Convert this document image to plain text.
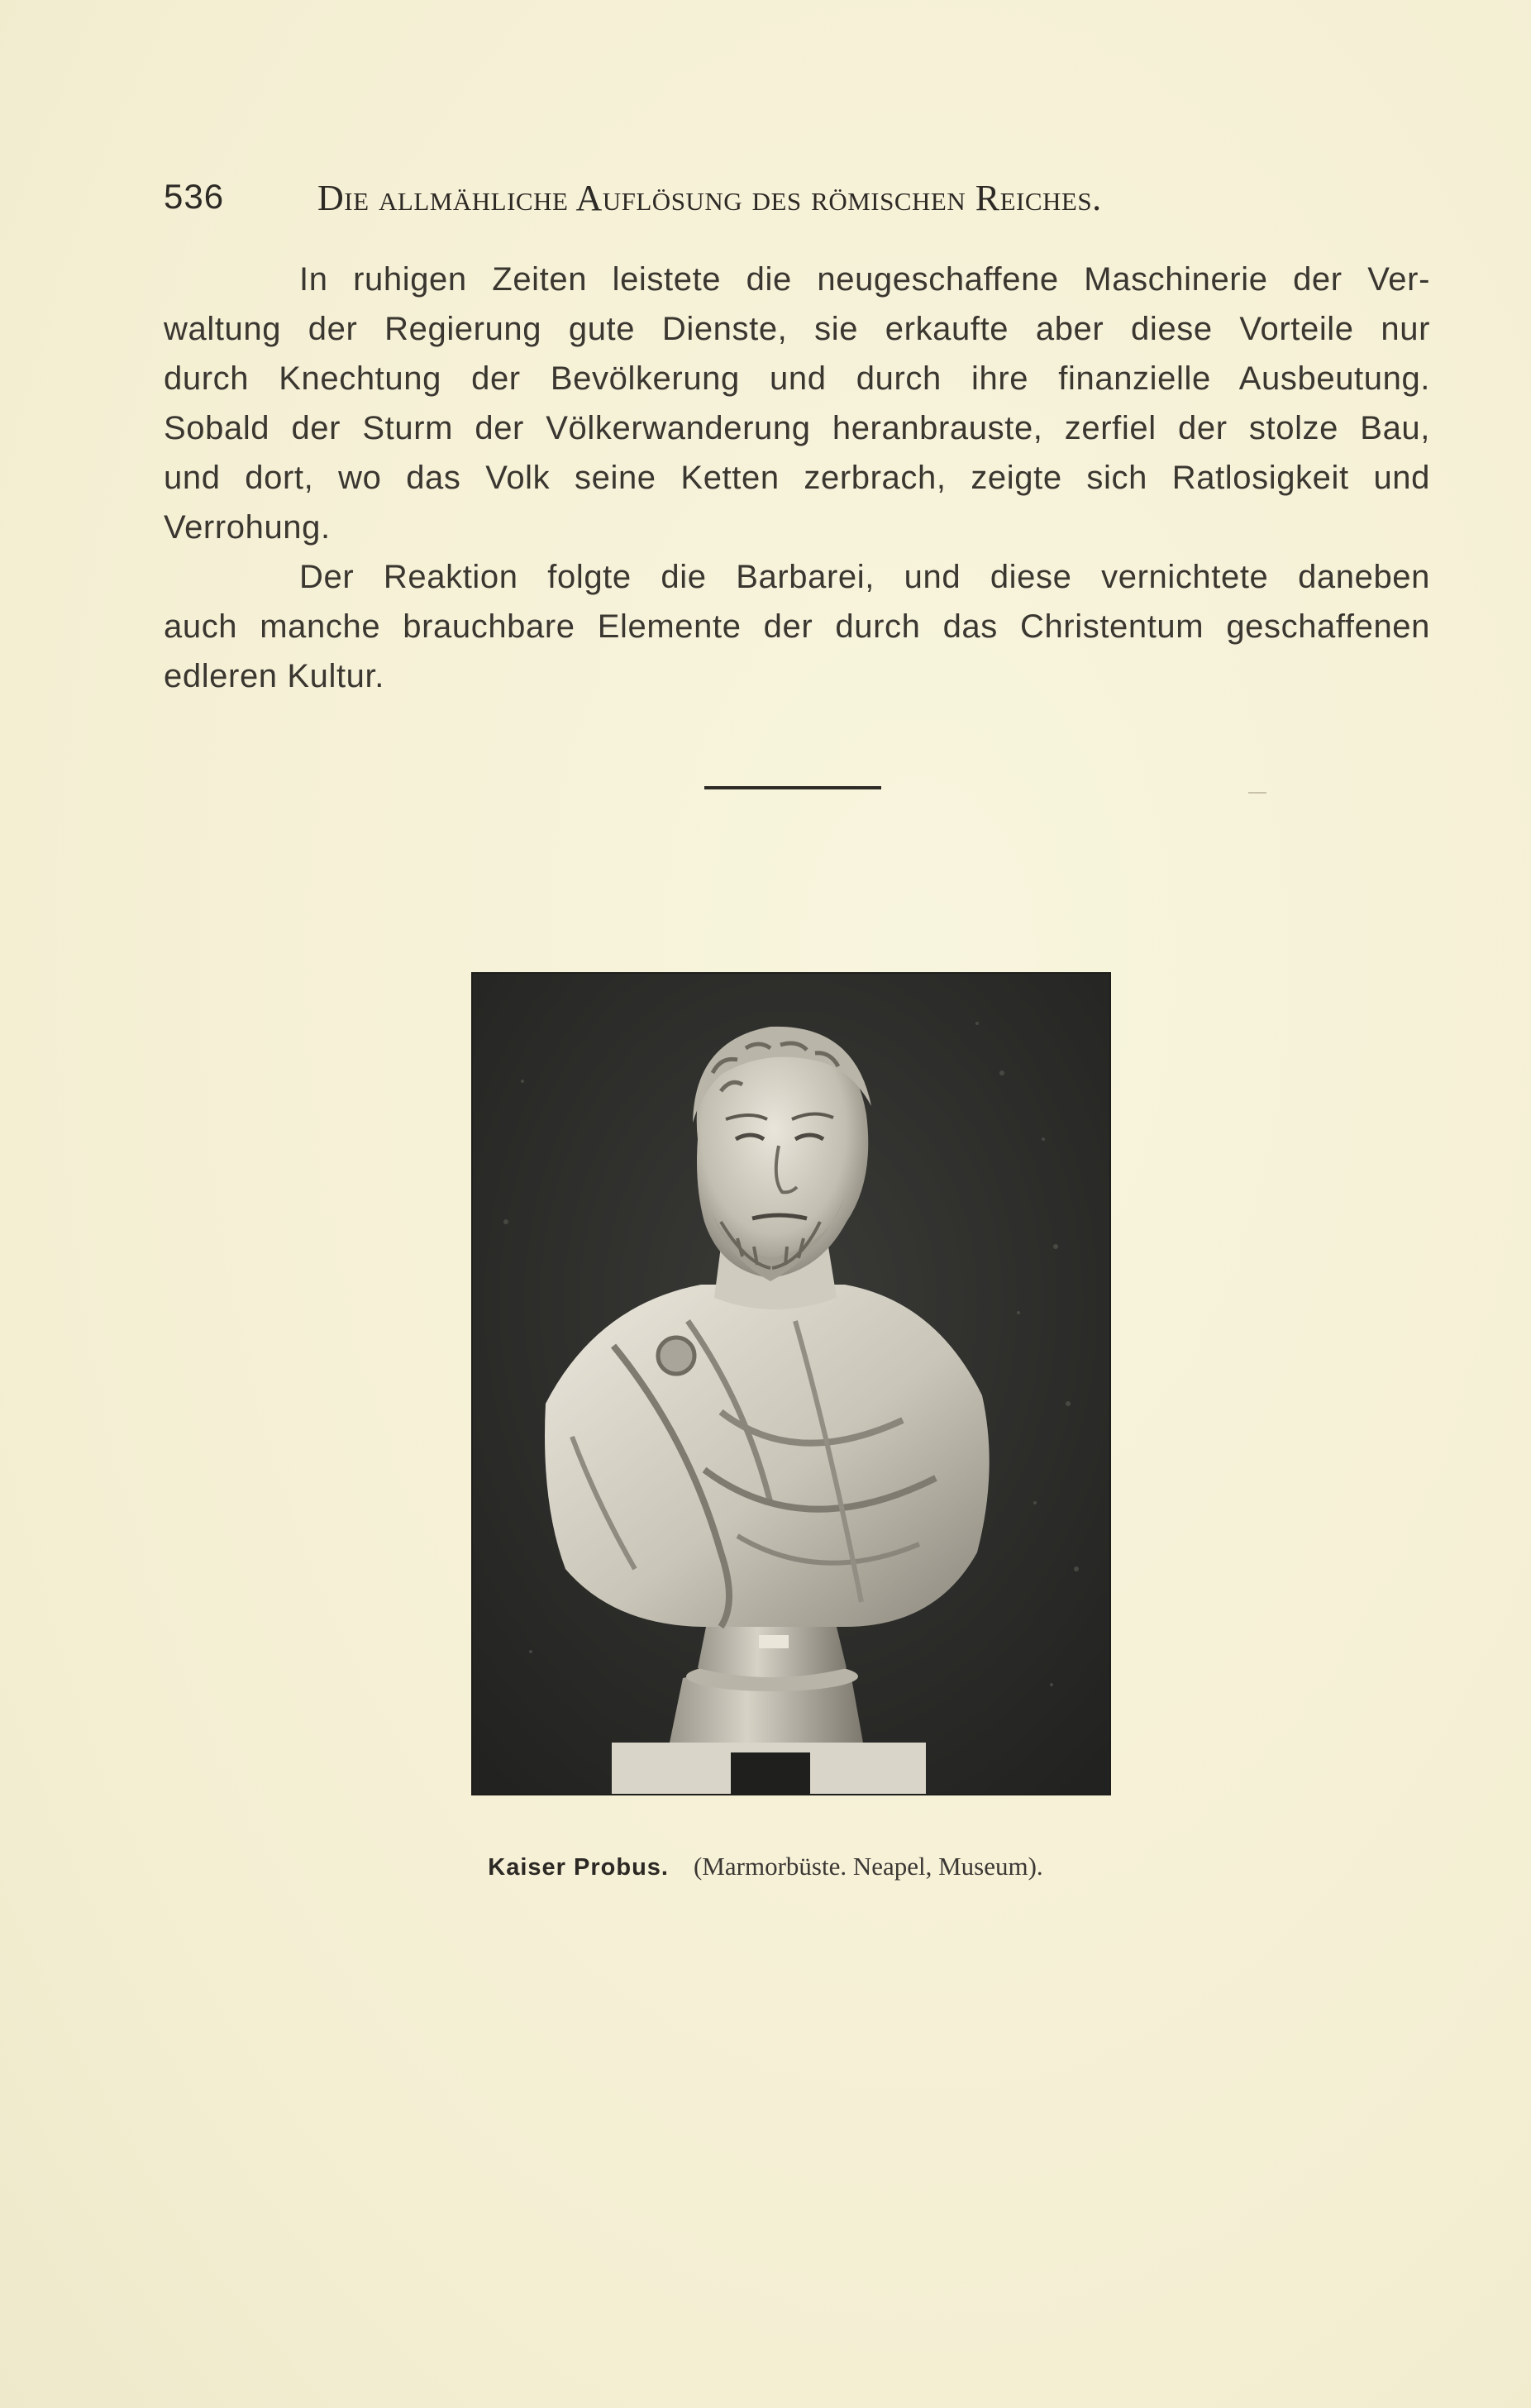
536	Die allmähliche Auflösung des römischen Reiches.
In ruhigen Zeiten leistete die neugeschaffene Maschinerie der Ver-
waltung der Regierung gute Dienste, sie erkaufte aber diese Vorteile nur
durch Knechtung der Bevölkerung und durch ihre finanzielle Ausbeutung.
Sobald der Sturm der Völkerwanderung heranbrauste, zerfiel der stolze Bau,
und dort, wo das Volk seine Ketten zerbrach, zeigte sich Ratlosigkeit und
Verrohung.
Der Reaktion folgte die Barbarei, und diese vernichtete daneben
auch manche brauchbare Elemente der durch das Christentum geschaffenen
edleren Kultur.
Kaiser Probus. (Marmorbüste. Neapel, Museum).
